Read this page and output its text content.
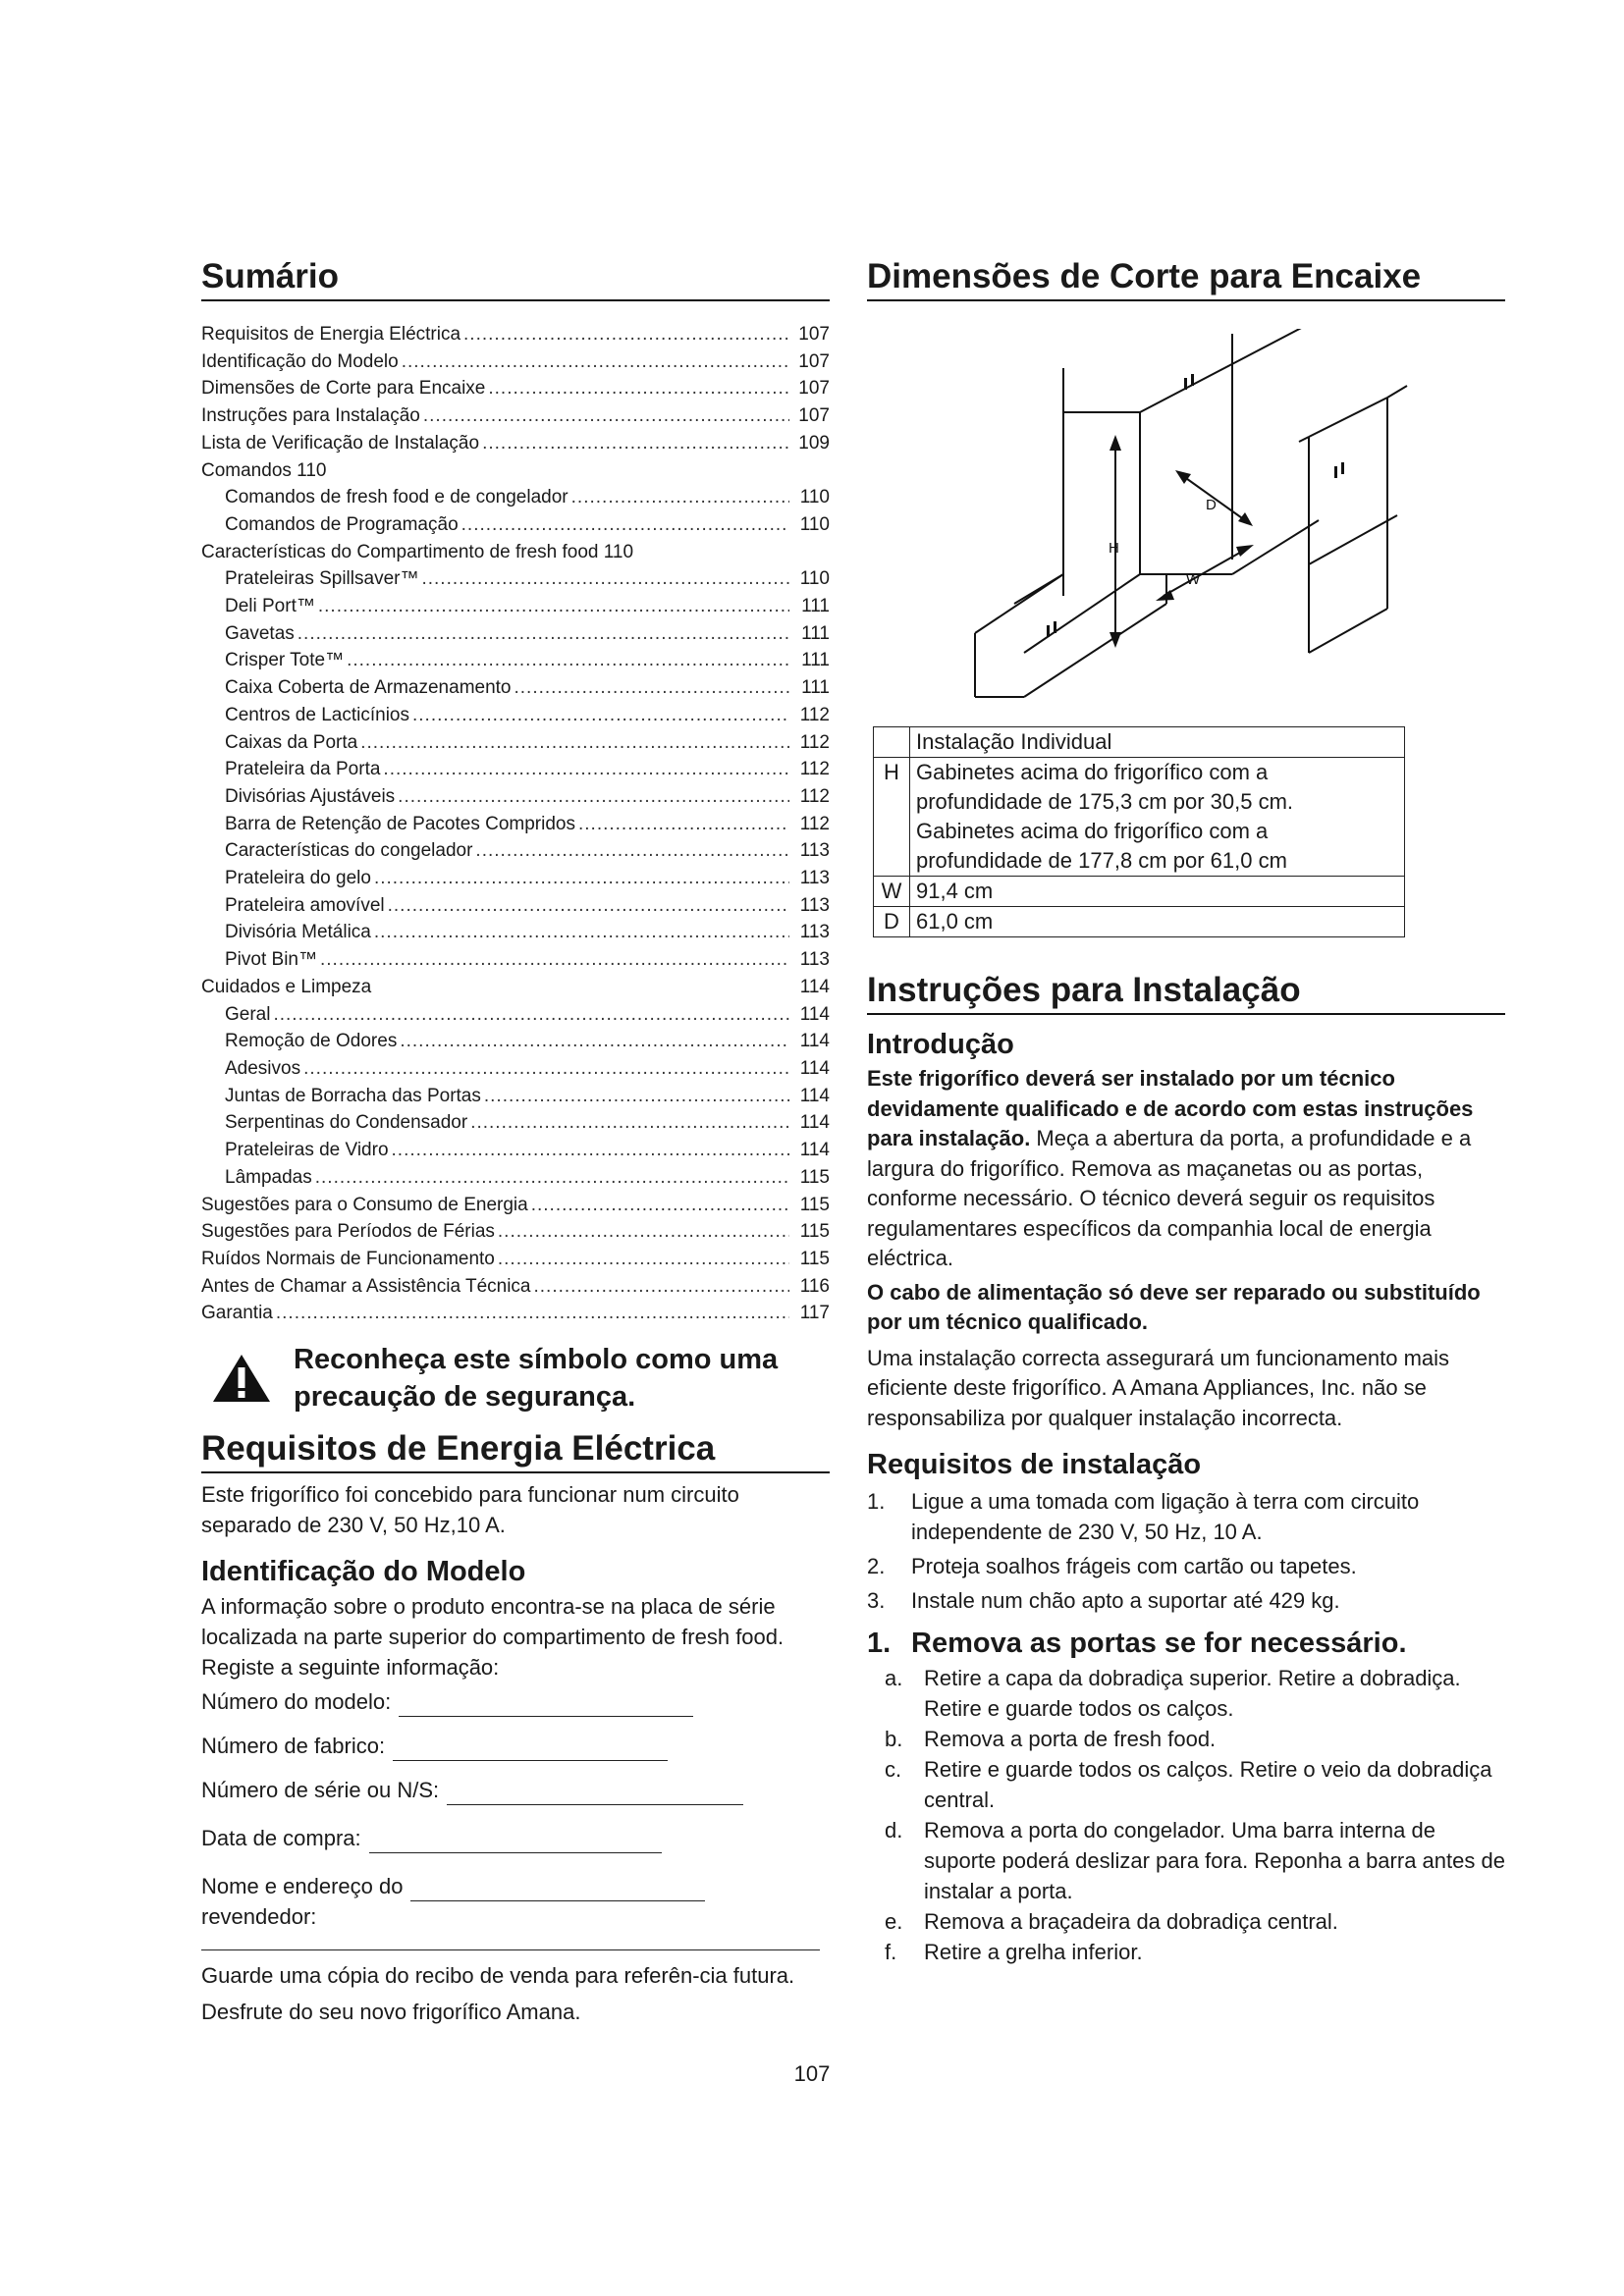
Sumário
Requisitos de Energia Eléctrica .....	107
Identificação do Modelo .....	107
Dimensões de Corte para Encaixe .....	107
Instruções para Instalação .....	107
Lista de Verificação de Instalação .....	109
Comandos 110
Comandos de fresh food e de congelador .....	110
Comandos de Programação .....	110
Características do Compartimento de fresh food 110
Prateleiras Spillsaver™ .....	110
Deli Port™ .....	111
Gavetas .....	111
Crisper Tote™ .....	111
Caixa Coberta de Armazenamento .....	111
Centros de Lacticínios .....	112
Caixas da Porta .....	112
Prateleira da Porta .....	112
Divisórias Ajustáveis .....	112
Barra de Retenção de Pacotes Compridos .....	112
Características do congelador .....	113
Prateleira do gelo .....	113
Prateleira amovível .....	113
Divisória Metálica .....	113
Pivot Bin™ .....	113
Cuidados e Limpeza	114
Geral .....	114
Remoção de Odores .....	114
Adesivos .....	114
Juntas de Borracha das Portas .....	114
Serpentinas do Condensador .....	114
Prateleiras de Vidro .....	114
Lâmpadas .....	115
Sugestões para o Consumo de Energia .....	115
Sugestões para Períodos de Férias .....	115
Ruídos Normais de Funcionamento .....	115
Antes de Chamar a Assistência Técnica .....	116
Garantia .....	117
Reconheça este símbolo como uma
precaução de segurança.
Requisitos de Energia Eléctrica

Este frigorífico foi concebido para funcionar num circuito separado de 230 V, 50 Hz,10 A.

Identificação do Modelo

A informação sobre o produto encontra-se na placa de série localizada na parte superior do compartimento de fresh food. Registe a seguinte informação:

Número do modelo:
Número de fabrico:
Número de série ou N/S:
Data de compra:
Nome e endereço do
revendedor:

Guarde uma cópia do recibo de venda para referên-cia futura.

Desfrute do seu novo frigorífico Amana.

Dimensões de Corte para Encaixe
H
D
W
	Instalação Individual
H	Gabinetes acima do frigorífico com a
profundidade de 175,3 cm por 30,5 cm.
Gabinetes acima do frigorífico com a
profundidade de 177,8 cm por 61,0 cm

W	91,4 cm
D	61,0 cm
Instruções para Instalação
Introdução

Este frigorífico deverá ser instalado por um técnico devidamente qualificado e de acordo com estas instruções para instalação. Meça a abertura da porta, a profundidade e a largura do frigorífico. Remova as maçanetas ou as portas, conforme necessário. O técnico deverá seguir os requisitos regulamentares específicos da companhia local de energia eléctrica.

O cabo de alimentação só deve ser reparado ou substituído por um técnico qualificado.

Uma instalação correcta assegurará um funcionamento mais eficiente deste frigorífico. A Amana Appliances, Inc. não se responsabiliza por qualquer instalação incorrecta.

Requisitos de instalação
1.	Ligue a uma tomada com ligação à terra com circuito independente de 230 V, 50 Hz, 10 A.
2.	Proteja soalhos frágeis com cartão ou tapetes.
3.	Instale num chão apto a suportar até 429 kg.
1. Remova as portas se for necessário.
a. Retire a capa da dobradiça superior. Retire a dobradiça. Retire e guarde todos os calços.
b. Remova a porta de fresh food.
c.	Retire e guarde todos os calços. Retire o veio da dobradiça central.
d. Remova a porta do congelador. Uma barra interna de suporte poderá deslizar para fora. Reponha a barra antes de instalar a porta.
e. Remova a braçadeira da dobradiça central.
f.	Retire a grelha inferior.
107
